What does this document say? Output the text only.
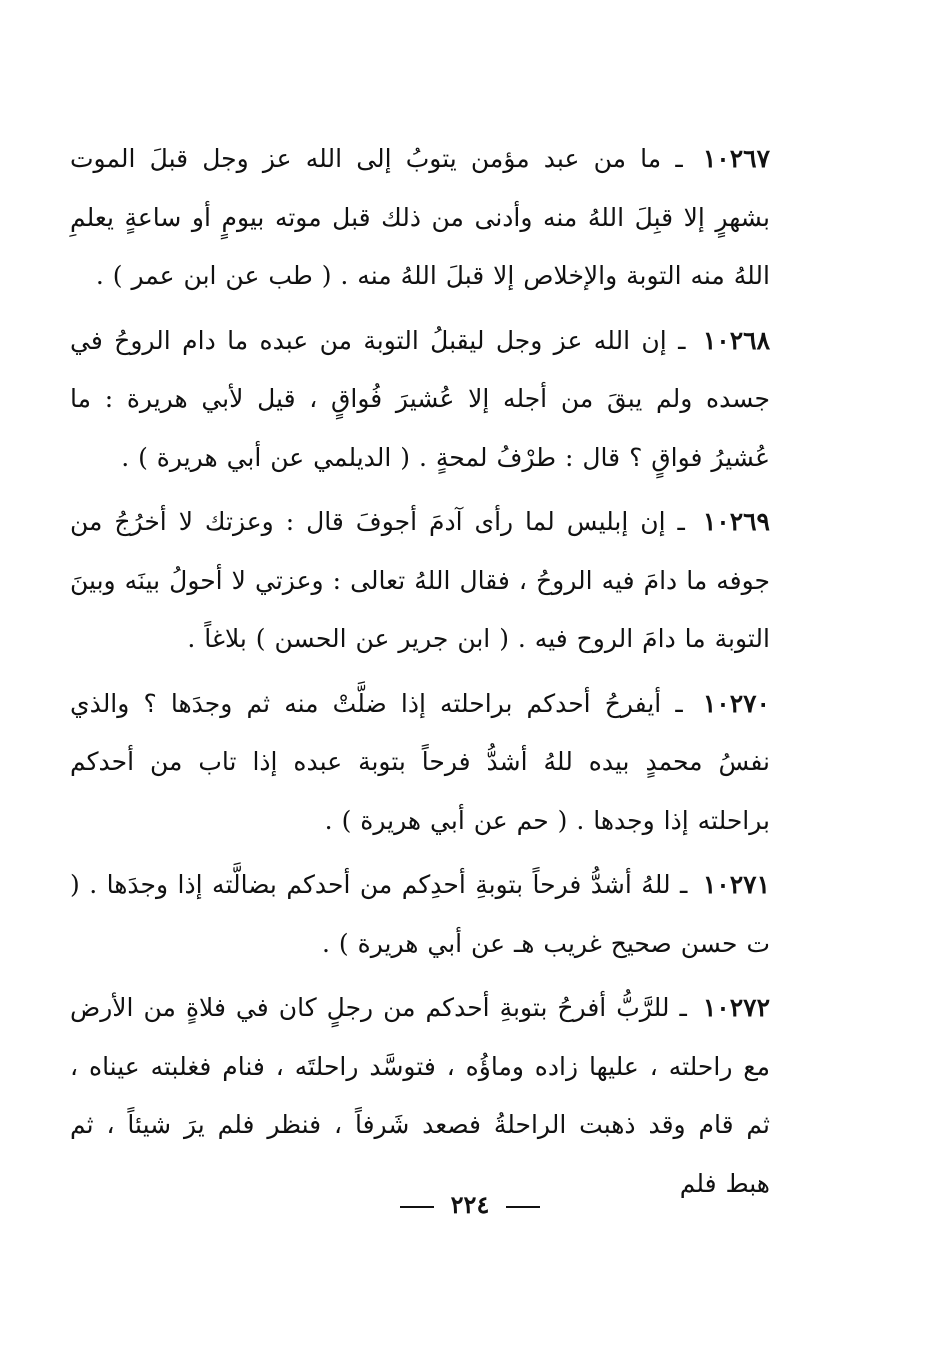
١٠٢٦٧ ـ ما من عبد مؤمن يتوبُ إلى الله عز وجل قبلَ الموت بشهرٍ إلا قبِلَ اللهُ منه وأدنى من ذلك قبل موته بيومٍ أو ساعةٍ يعلمِ اللهُ منه التوبة والإخلاص إلا قبلَ اللهُ منه . ( طب عن ابن عمر ) .

١٠٢٦٨ ـ إن الله عز وجل ليقبلُ التوبة من عبده ما دام الروحُ في جسده ولم يبقَ من أجله إلا عُشيرَ فُواقٍ ، قيل لأبي هريرة : ما عُشيرُ فواقٍ ؟ قال : طرْفُ لمحةٍ . ( الديلمي عن أبي هريرة ) .

١٠٢٦٩ ـ إن إبليس لما رأى آدمَ أجوفَ قال : وعزتك لا أخرُجُ من جوفه ما دامَ فيه الروحُ ، فقال اللهُ تعالى : وعزتي لا أحولُ بينَه وبينَ التوبة ما دامَ الروح فيه . ( ابن جرير عن الحسن ) بلاغاً .

١٠٢٧٠ ـ أيفرحُ أحدكم براحلته إذا ضلَّتْ منه ثم وجدَها ؟ والذي نفسُ محمدٍ بيده للهُ أشدُّ فرحاً بتوبة عبده إذا تاب من أحدكم براحلته إذا وجدها . ( حم عن أبي هريرة ) .

١٠٢٧١ ـ للهُ أشدُّ فرحاً بتوبةِ أحدِكم من أحدكم بضالَّته إذا وجدَها . ( ت حسن صحيح غريب هـ عن أبي هريرة ) .

١٠٢٧٢ ـ للرَّبُّ أفرحُ بتوبةِ أحدكم من رجلٍ كان في فلاةٍ من الأرض مع راحلته ، عليها زاده وماؤُه ، فتوسَّد راحلتَه ، فنام فغلبته عيناه ، ثم قام وقد ذهبت الراحلةُ فصعد شَرفاً ، فنظر فلم يرَ شيئاً ، ثم هبط فلم

٢٢٤
